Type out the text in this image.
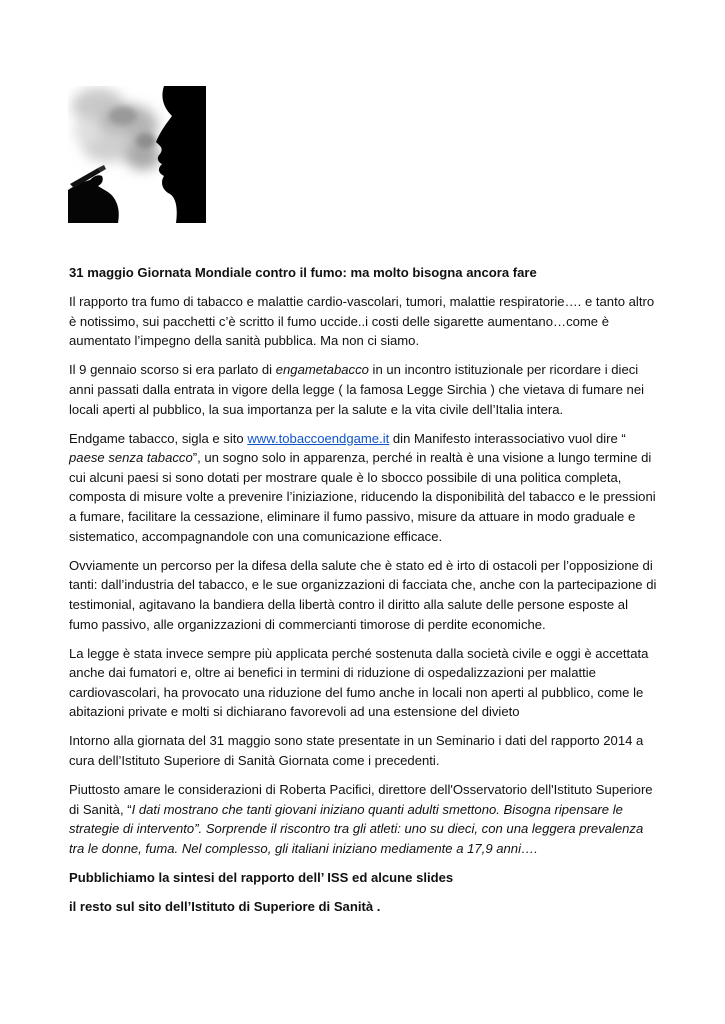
31 maggio Giornata Mondiale contro il fumo: ma molto bisogna ancora fare

Il rapporto tra fumo di tabacco e malattie cardio-vascolari, tumori, malattie respiratorie…. e tanto altro è notissimo, sui pacchetti c’è scritto il fumo uccide..i costi delle sigarette aumentano…come è aumentato l’impegno della sanità pubblica. Ma non ci siamo.

Il 9 gennaio scorso si era parlato di engametabacco in un incontro istituzionale per ricordare i dieci anni passati dalla entrata in vigore della legge ( la famosa Legge Sirchia ) che vietava di fumare nei locali aperti al pubblico, la sua importanza per la salute e la vita civile dell’Italia intera.

Endgame tabacco, sigla e sito www.tobaccoendgame.it din Manifesto interassociativo vuol dire “ paese senza tabacco”, un sogno solo in apparenza, perché in realtà è una visione a lungo termine di cui alcuni paesi si sono dotati per mostrare quale è lo sbocco possibile di una politica completa, composta di misure volte a prevenire l’iniziazione, riducendo la disponibilità del tabacco e le pressioni a fumare, facilitare la cessazione, eliminare il fumo passivo, misure da attuare in modo graduale e sistematico, accompagnandole con una comunicazione efficace.

Ovviamente un percorso per la difesa della salute che è stato ed è irto di ostacoli per l’opposizione di tanti: dall’industria del tabacco, e le sue organizzazioni di facciata che, anche con la partecipazione di testimonial, agitavano la bandiera della libertà contro il diritto alla salute delle persone esposte al fumo passivo, alle organizzazioni di commercianti timorose di perdite economiche.

La legge è stata invece sempre più applicata perché sostenuta dalla società civile e oggi è accettata anche dai fumatori e, oltre ai benefici in termini di riduzione di ospedalizzazioni per malattie cardiovascolari, ha provocato una riduzione del fumo anche in locali non aperti al pubblico, come le abitazioni private e molti si dichiarano favorevoli ad una estensione del divieto

Intorno alla giornata del 31 maggio sono state presentate in un Seminario i dati del rapporto 2014 a cura dell’Istituto Superiore di Sanità Giornata come i precedenti.

Piuttosto amare le considerazioni di Roberta Pacifici, direttore dell'Osservatorio dell'Istituto Superiore di Sanità, “I dati mostrano che tanti giovani iniziano quanti adulti smettono. Bisogna ripensare le strategie di intervento”. Sorprende il riscontro tra gli atleti: uno su dieci, con una leggera prevalenza tra le donne, fuma. Nel complesso, gli italiani iniziano mediamente a 17,9 anni….

Pubblichiamo la sintesi del rapporto dell’ ISS ed alcune slides

il resto sul sito dell’Istituto di Superiore di Sanità .
